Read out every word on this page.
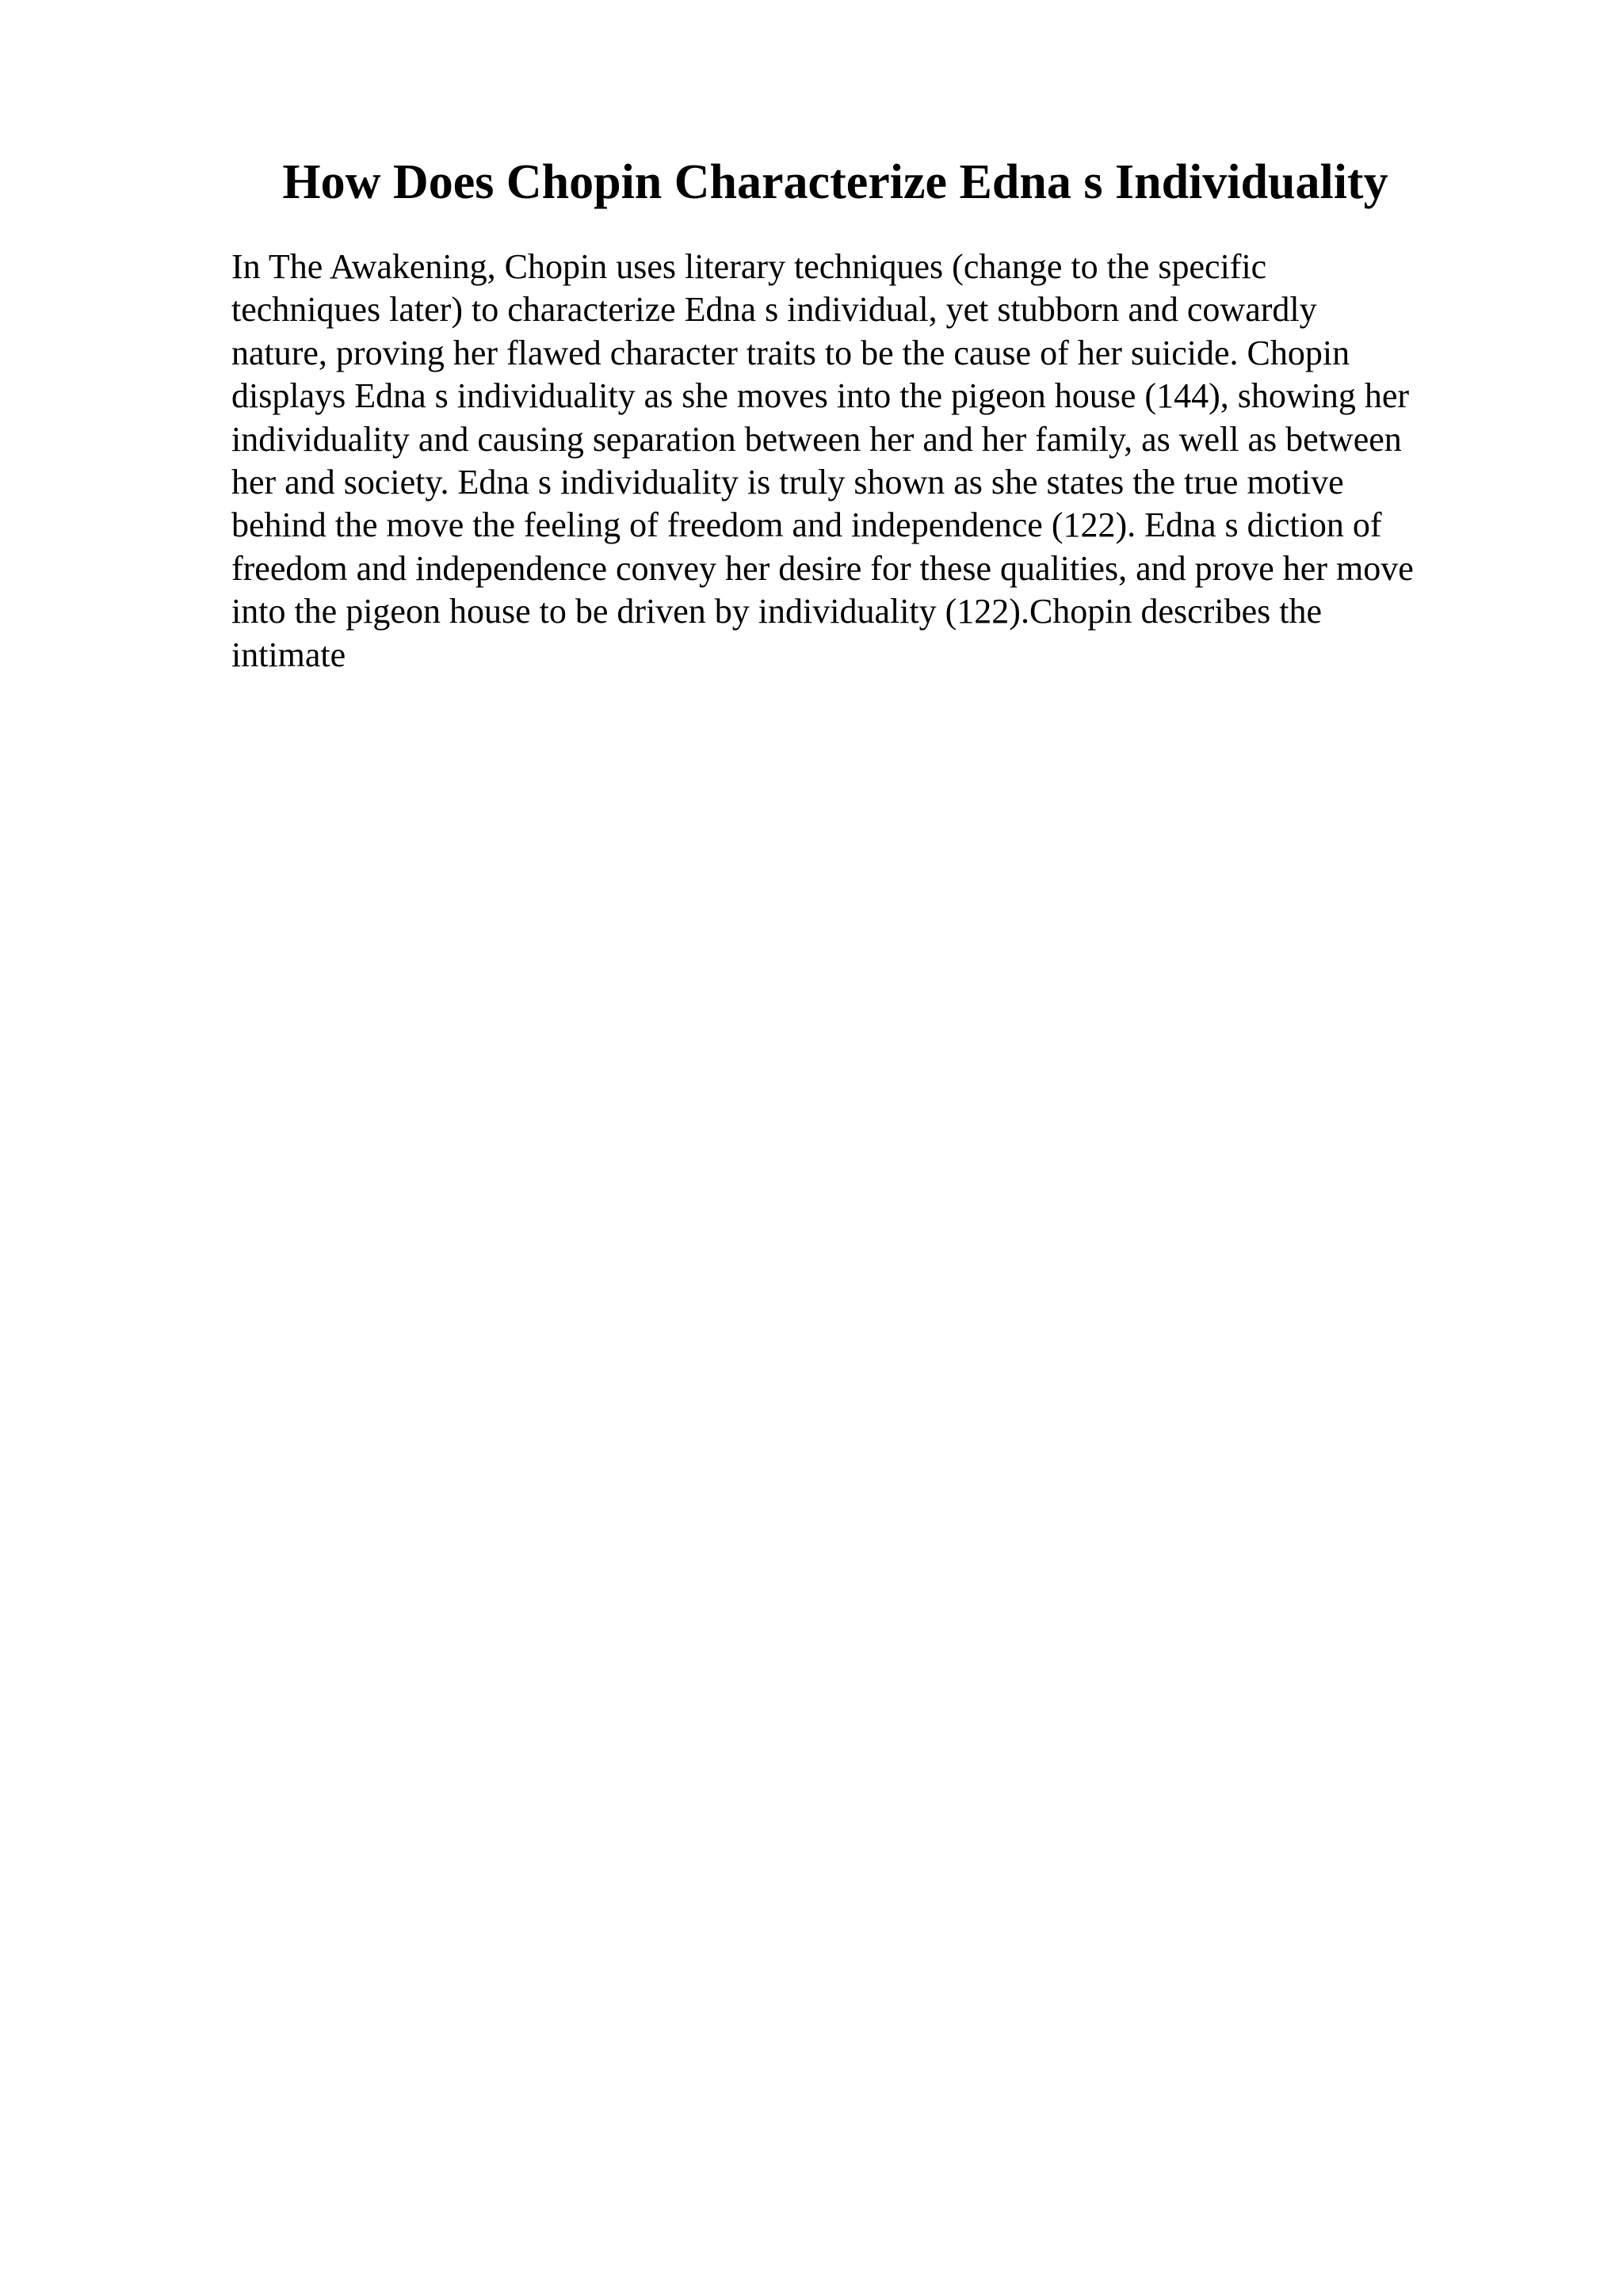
How Does Chopin Characterize Edna s Individuality
In The Awakening, Chopin uses literary techniques (change to the specific
techniques later) to characterize Edna s individual, yet stubborn and cowardly
nature, proving her flawed character traits to be the cause of her suicide. Chopin
displays Edna s individuality as she moves into the pigeon house (144), showing her
individuality and causing separation between her and her family, as well as between
her and society. Edna s individuality is truly shown as she states the true motive
behind the move the feeling of freedom and independence (122). Edna s diction of
freedom and independence convey her desire for these qualities, and prove her move
into the pigeon house to be driven by individuality (122).Chopin describes the
intimate
